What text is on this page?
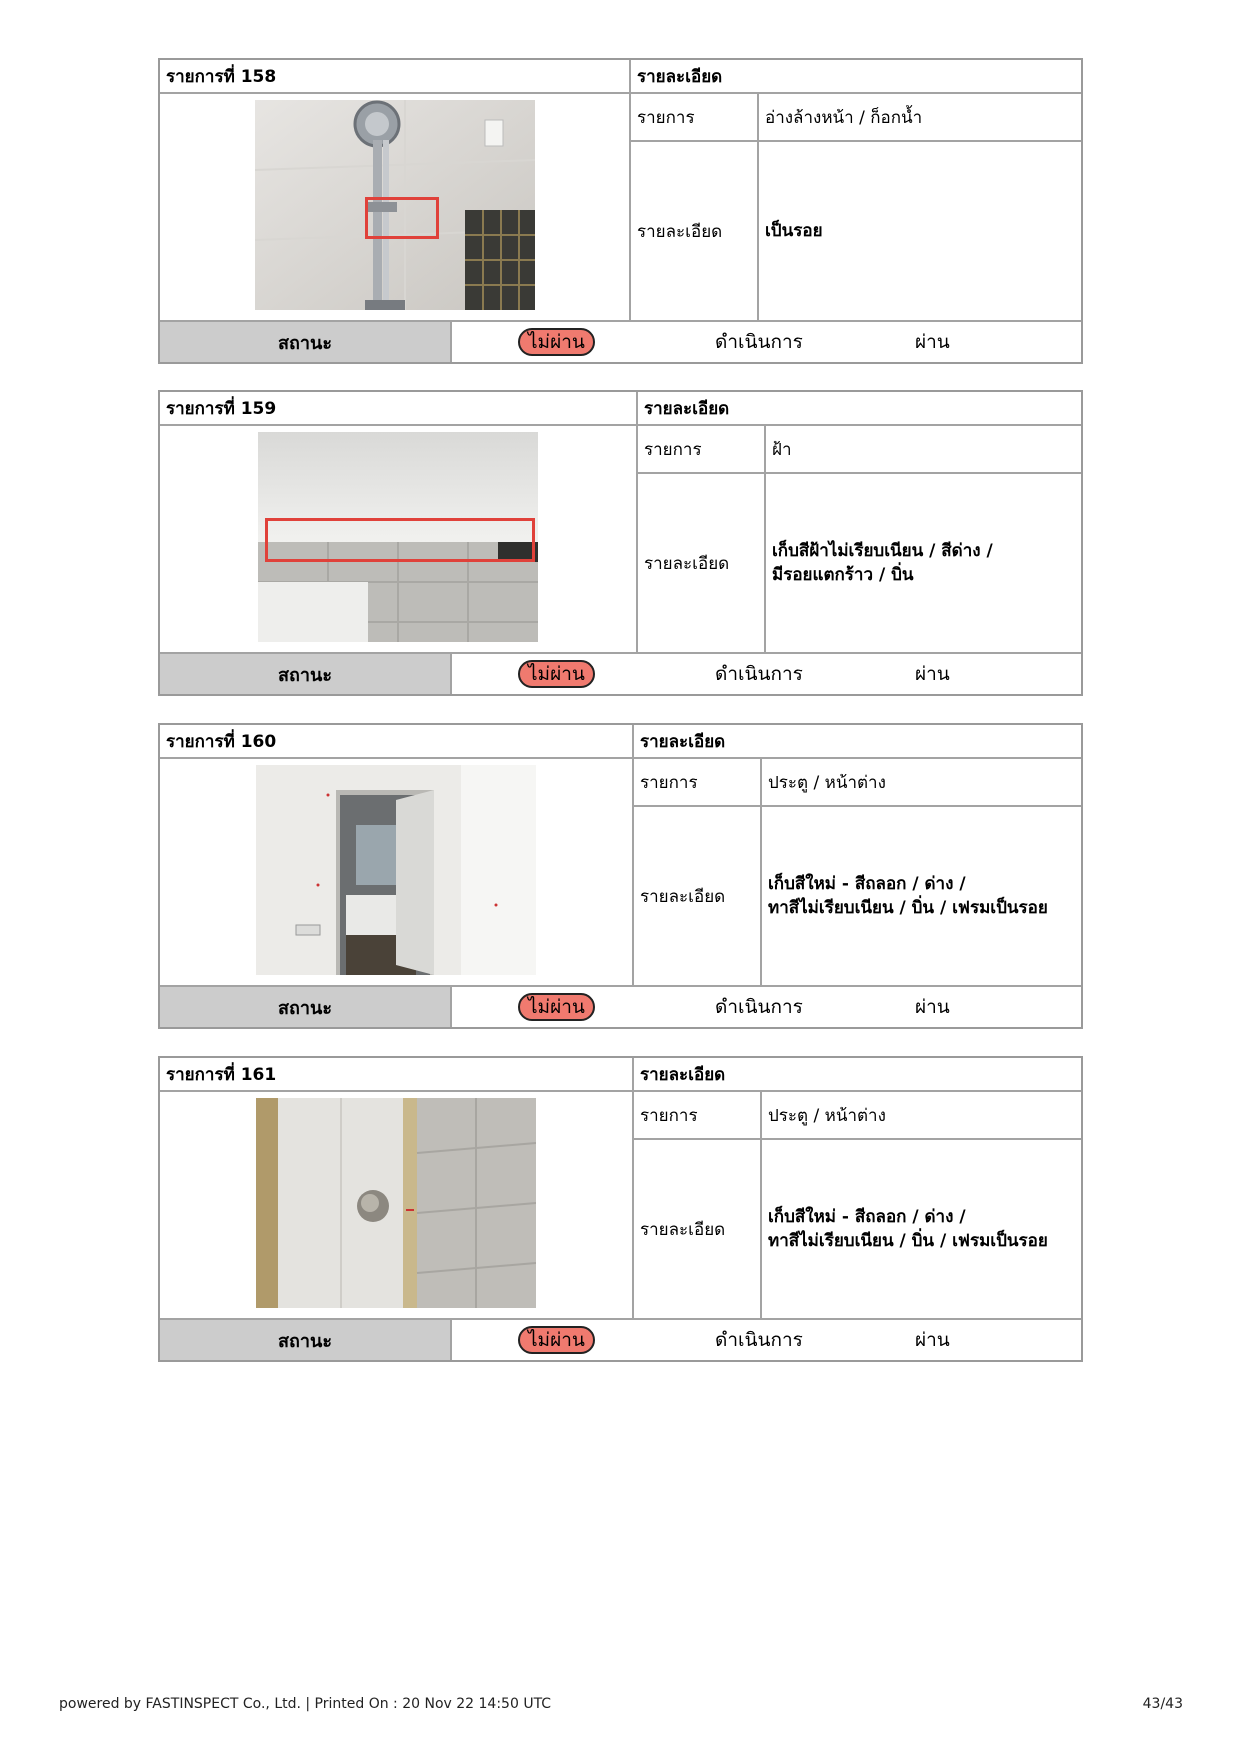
รายการที่ 158	รายละเอียด	

	รายการ	อ่างล้างหน้า / ก็อกน้ำ
	รายละเอียด	เป็นรอย

สถานะ ไม่ผ่าน ดำเนินการ ผ่าน		
รายการที่ 159	รายละเอียด	

	รายการ	ฝ้า
	รายละเอียด	เก็บสีฝ้าไม่เรียบเนียน / สีด่าง /
มีรอยแตกร้าว / บิ่น

สถานะ ไม่ผ่าน ดำเนินการ ผ่าน		
รายการที่ 160	รายละเอียด	
	รายการ	ประตู / หน้าต่าง
	รายละเอียด	เก็บสีใหม่ - สีถลอก / ด่าง /
ทาสีไม่เรียบเนียน / บิ่น / เฟรมเป็นรอย

สถานะ ไม่ผ่าน ดำเนินการ ผ่าน		
รายการที่ 161	รายละเอียด	
	รายการ	ประตู / หน้าต่าง
	รายละเอียด	เก็บสีใหม่ - สีถลอก / ด่าง /
ทาสีไม่เรียบเนียน / บิ่น / เฟรมเป็นรอย

สถานะ ไม่ผ่าน ดำเนินการ ผ่าน		
powered by FASTINSPECT Co., Ltd. | Printed On : 20 Nov 22 14:50 UTC	43/43
